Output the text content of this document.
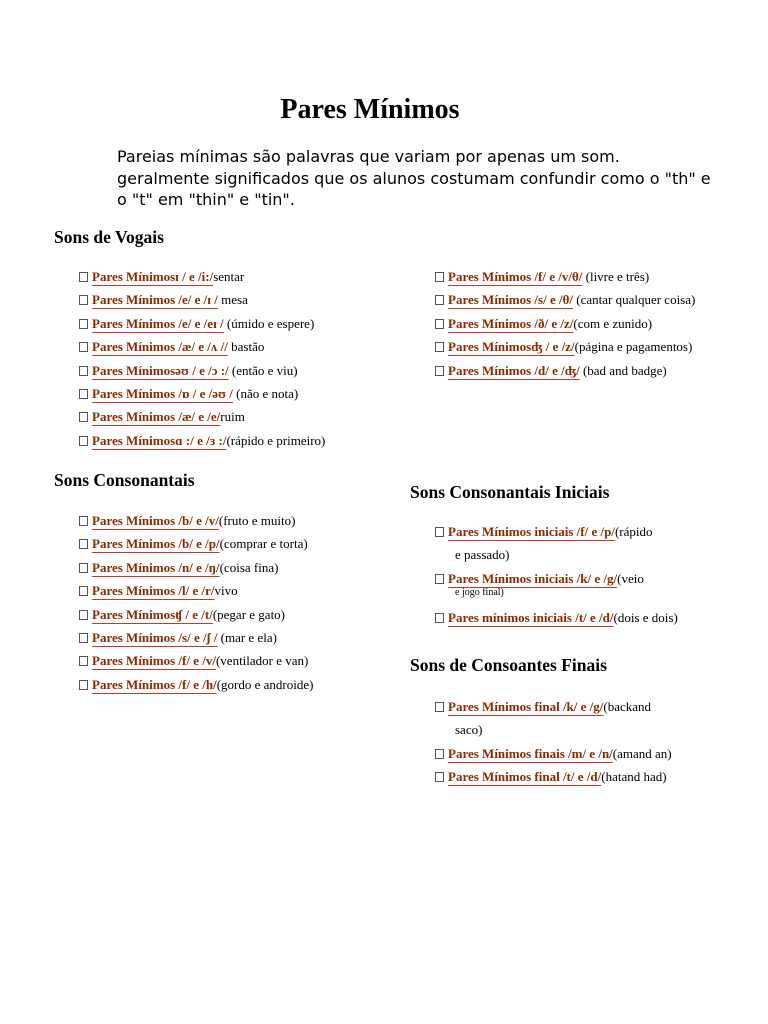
Pares Mínimos
Pareias mínimas são palavras que variam por apenas um som. geralmente significados que os alunos costumam confundir como o "th" e o "t" em "thin" e "tin".
Sons de Vogais
Pares Mínimosɪ / e /i:/sentar
Pares Mínimos /e/ e /ɪ / mesa
Pares Mínimos /e/ e /eɪ / (úmido e espere)
Pares Mínimos /æ/ e /ʌ // bastão
Pares Mínimosəʊ / e /ɔ :/ (então e viu)
Pares Mínimos /ɒ / e /əʊ / (não e nota)
Pares Mínimos /æ/ e /e/ruim
Pares Mínimosɑ :/ e /ɜ :/(rápido e primeiro)
Pares Mínimos /f/ e /v/θ/ (livre e três)
Pares Mínimos /s/ e /θ/ (cantar qualquer coisa)
Pares Mínimos /ð/ e /z/(com e zunido)
Pares Mínimosʤ / e /z/(página e pagamentos)
Pares Mínimos /d/ e /ʤ/ (bad and badge)
Sons Consonantais
Pares Mínimos /b/ e /v/(fruto e muito)
Pares Mínimos /b/ e /p/(comprar e torta)
Pares Mínimos /n/ e /ŋ/(coisa fina)
Pares Mínimos /l/ e /r/vivo
Pares Mínimosʧ / e /t/(pegar e gato)
Pares Mínimos /s/ e /ʃ / (mar e ela)
Pares Mínimos /f/ e /v/(ventilador e van)
Pares Mínimos /f/ e /h/(gordo e androide)
Sons Consonantais Iniciais
Pares Mínimos iniciais /f/ e /p/(rápido
e passado)
Pares Mínimos iniciais /k/ e /g/(veio
e jogo final)
Pares mínimos iniciais /t/ e /d/(dois e dois)
Sons de Consoantes Finais
Pares Mínimos final /k/ e /g/(backand
saco)
Pares Mínimos finais /m/ e /n/(amand an)
Pares Mínimos final /t/ e /d/(hatand had)
